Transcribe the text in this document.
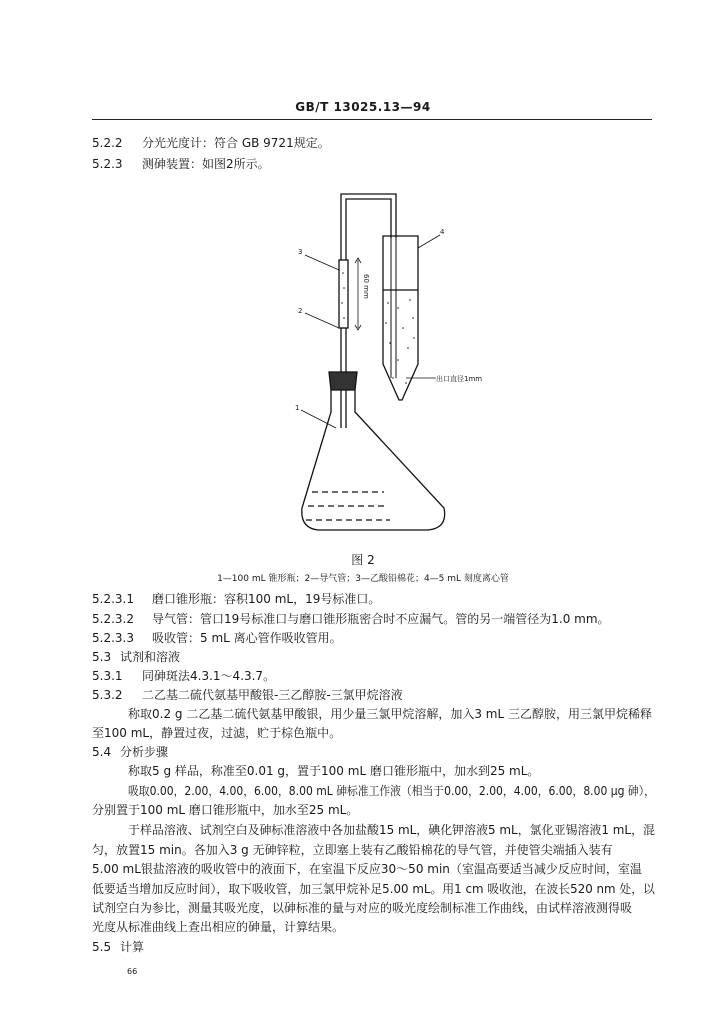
GB/T 13025.13—94
5.2.2 分光光度计：符合 GB 9721规定。
5.2.3 测砷装置：如图2所示。
3
2
1
4
60 mm
出口直径1mm
图 2
1—100 mL 锥形瓶；2—导气管；3—乙酸铅棉花；4—5 mL 刻度离心管
5.2.3.1 磨口锥形瓶：容积100 mL，19号标准口。
5.2.3.2 导气管：管口19号标准口与磨口锥形瓶密合时不应漏气。管的另一端管径为1.0 mm。
5.2.3.3 吸收管：5 mL 离心管作吸收管用。
5.3 试剂和溶液
5.3.1 同砷斑法4.3.1～4.3.7。
5.3.2 二乙基二硫代氨基甲酸银-三乙醇胺-三氯甲烷溶液
称取0.2 g 二乙基二硫代氨基甲酸银，用少量三氯甲烷溶解，加入3 mL 三乙醇胺，用三氯甲烷稀释
至100 mL，静置过夜，过滤，贮于棕色瓶中。
5.4 分析步骤
称取5 g 样品，称准至0.01 g，置于100 mL 磨口锥形瓶中，加水到25 mL。
吸取0.00，2.00，4.00，6.00，8.00 mL 砷标准工作液（相当于0.00，2.00，4.00，6.00，8.00 μg 砷），
分别置于100 mL 磨口锥形瓶中，加水至25 mL。
于样品溶液、试剂空白及砷标准溶液中各加盐酸15 mL，碘化钾溶液5 mL，氯化亚锡溶液1 mL，混
匀，放置15 min。各加入3 g 无砷锌粒，立即塞上装有乙酸铅棉花的导气管，并使管尖端插入装有
5.00 mL银盐溶液的吸收管中的液面下，在室温下反应30～50 min（室温高要适当减少反应时间，室温
低要适当增加反应时间），取下吸收管，加三氯甲烷补足5.00 mL。用1 cm 吸收池，在波长520 nm 处，以
试剂空白为参比，测量其吸光度，以砷标准的量与对应的吸光度绘制标准工作曲线，由试样溶液测得吸
光度从标准曲线上查出相应的砷量，计算结果。
5.5 计算
66
